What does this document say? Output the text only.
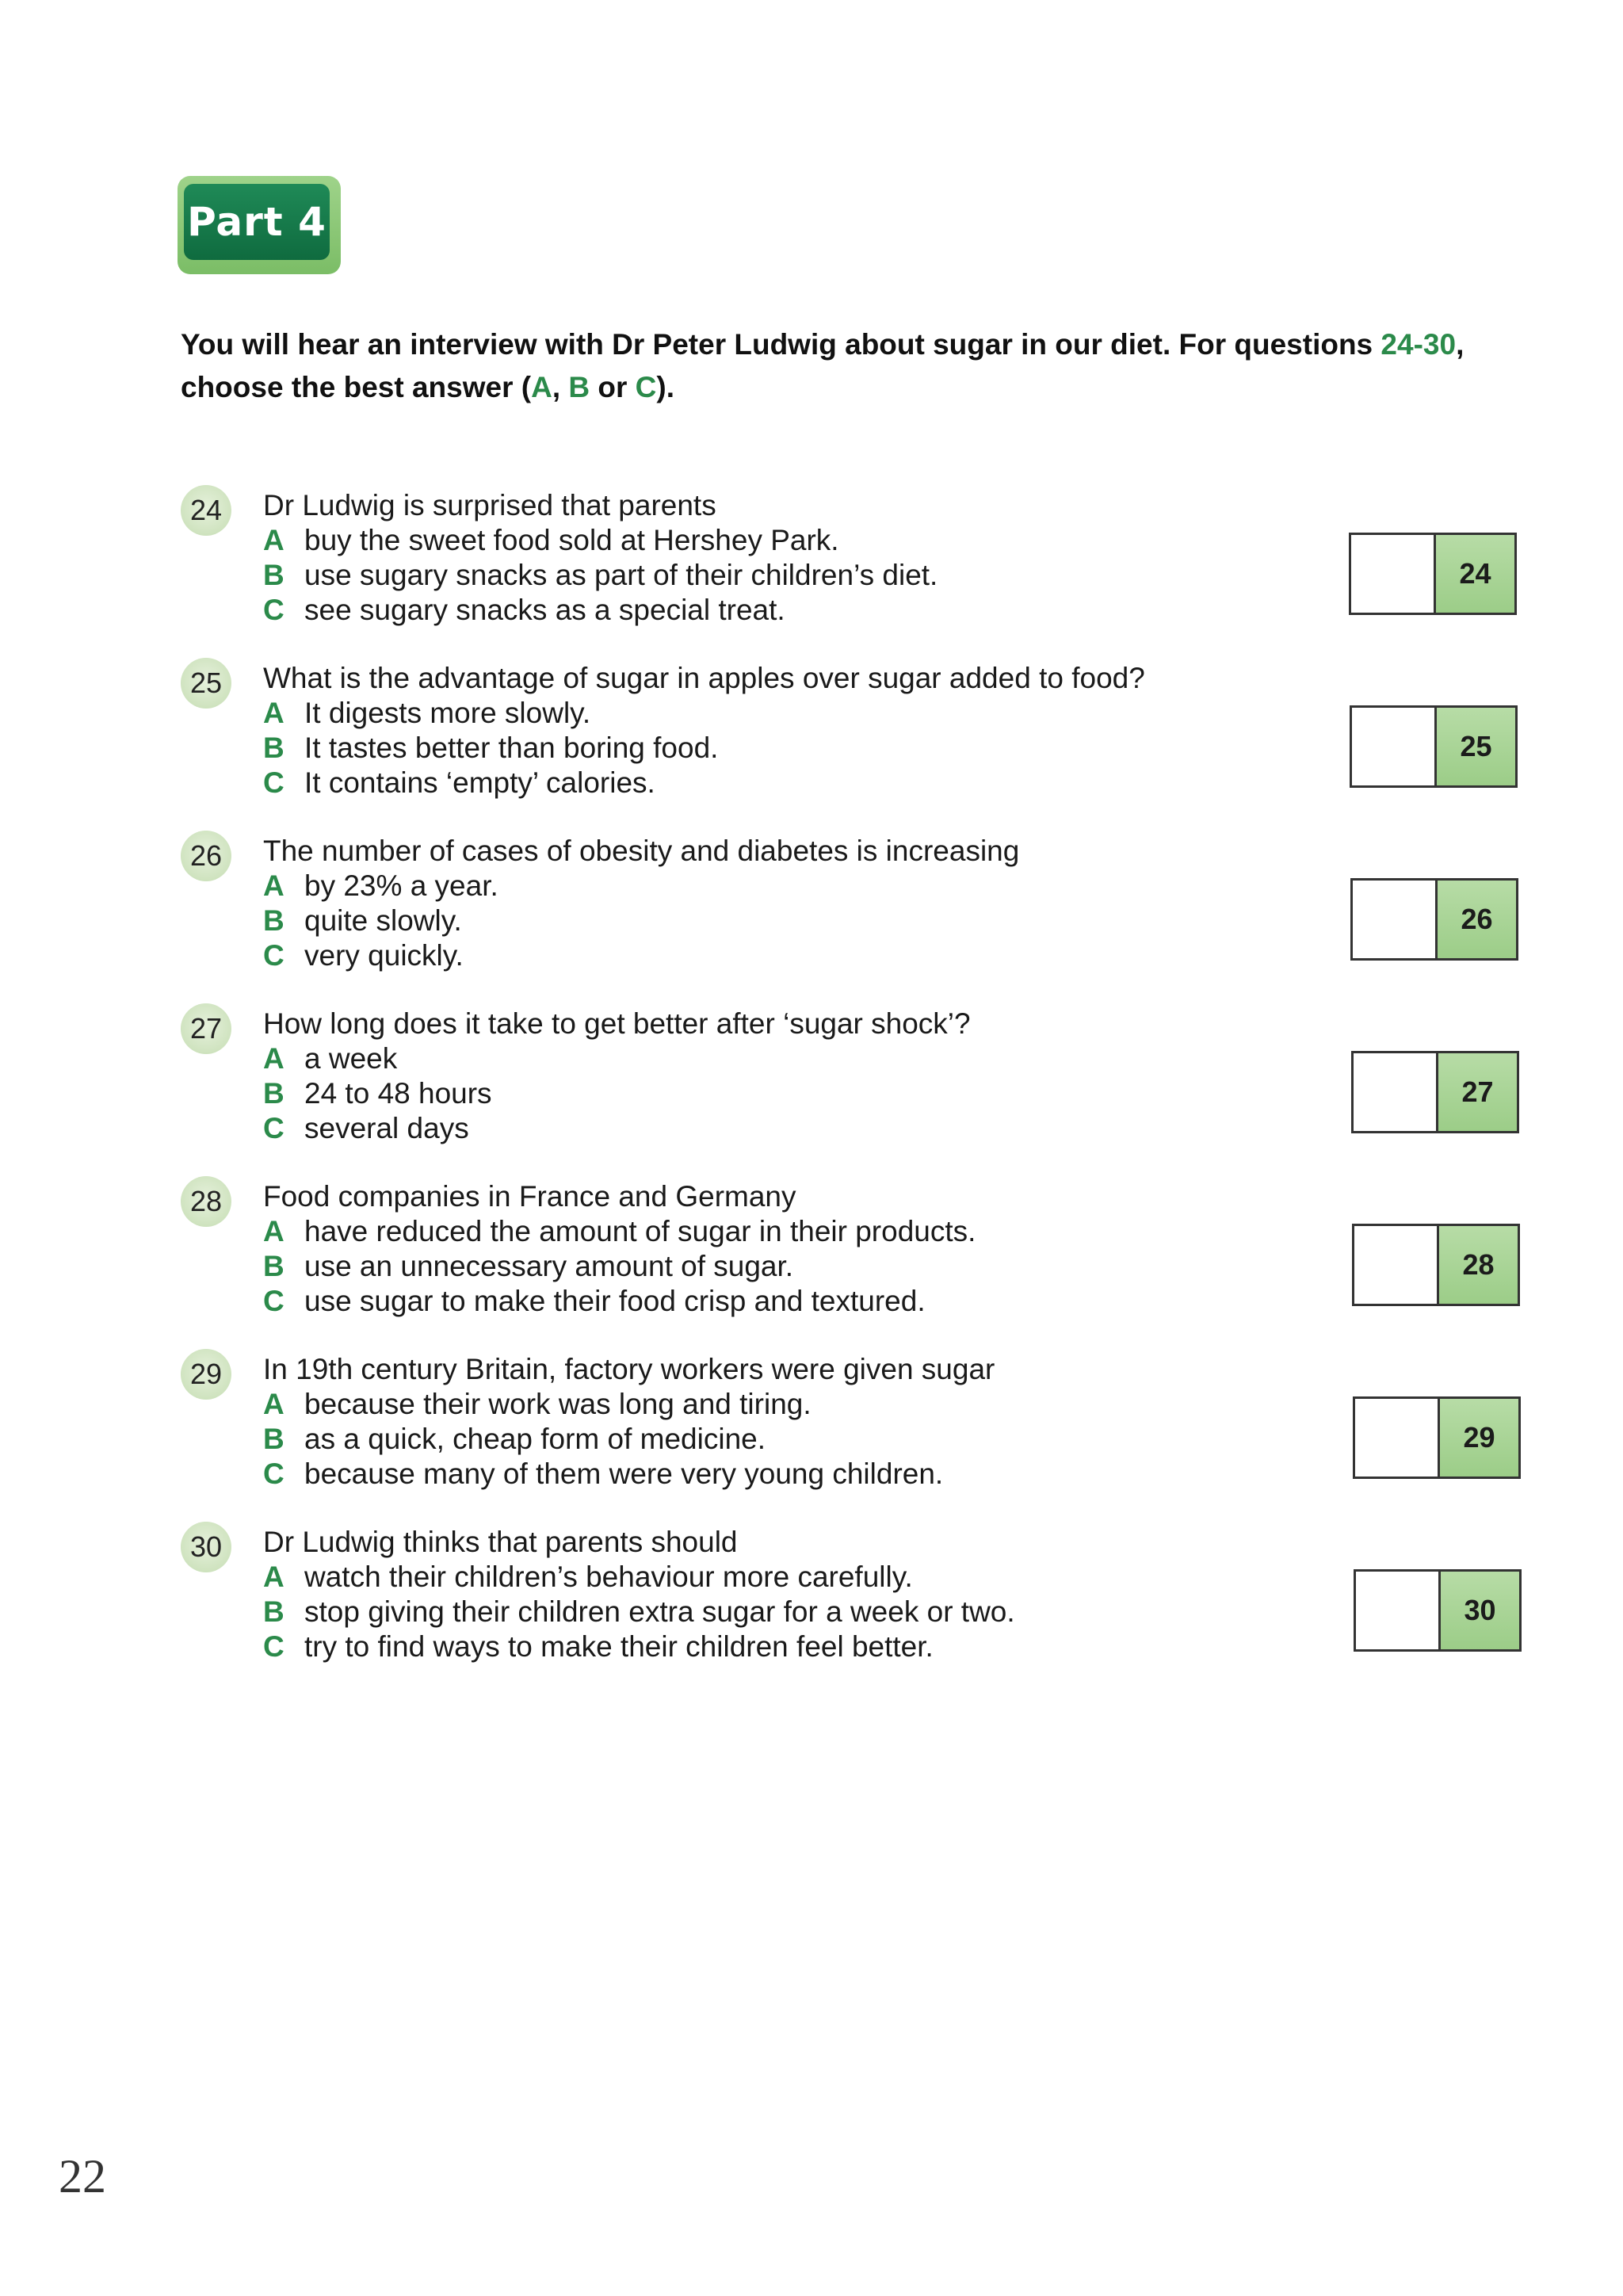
Part 4
You will hear an interview with Dr Peter Ludwig about sugar in our diet. For questions 24-30, choose the best answer (A, B or C).
24	Dr Ludwig is surprised that parents
A buy the sweet food sold at Hershey Park.
B use sugary snacks as part of their children’s diet.
C see sugary snacks as a special treat.
25	What is the advantage of sugar in apples over sugar added to food?
A It digests more slowly.
B It tastes better than boring food.
C It contains ‘empty’ calories.
26	The number of cases of obesity and diabetes is increasing
A by 23% a year.
B quite slowly.
C very quickly.
27	How long does it take to get better after ‘sugar shock’?
A a week
B 24 to 48 hours
C several days
28	Food companies in France and Germany
A have reduced the amount of sugar in their products.
B use an unnecessary amount of sugar.
C use sugar to make their food crisp and textured.
29	In 19th century Britain, factory workers were given sugar
A because their work was long and tiring.
B as a quick, cheap form of medicine.
C because many of them were very young children.
30	Dr Ludwig thinks that parents should
A watch their children’s behaviour more carefully.
B stop giving their children extra sugar for a week or two.
C try to find ways to make their children feel better.
24
25
26
27
28
29
30
22
